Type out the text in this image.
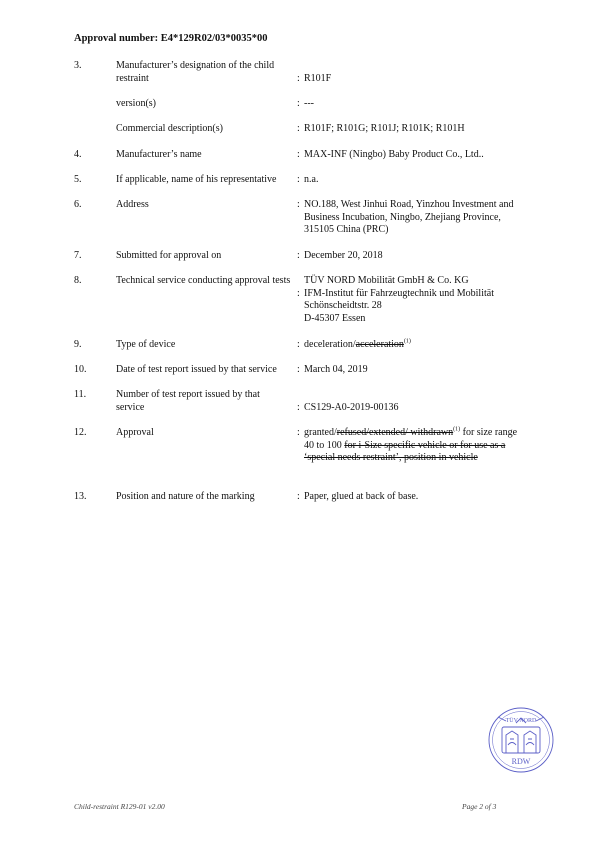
Approval number: E4*129R02/03*0035*00
3.	Manufacturer’s designation of the child restraint	: R101F
version(s)	: ---
Commercial description(s)	: R101F; R101G; R101J; R101K; R101H
4.	Manufacturer’s name	: MAX-INF (Ningbo) Baby Product Co., Ltd..
5.	If applicable, name of his representative	: n.a.
6.	Address	: NO.188, West Jinhui Road, Yinzhou Investment and Business Incubation, Ningbo, Zhejiang Province, 315105 China (PRC)
7.	Submitted for approval on	: December 20, 2018
8.	Technical service conducting approval tests
:
TÜV NORD Mobilität GmbH & Co. KG
IFM-Institut für Fahrzeugtechnik und Mobilität
Schönscheidtstr. 28
D-45307 Essen
9.	Type of device	: deceleration/acceleration$^{(1)}$
10.	Date of test report issued by that service	: March 04, 2019
11.	Number of test report issued by that service	: CS129-A0-2019-00136
12.	Approval	: granted/refused/extended/ withdrawn$^{(1)}$ for size range 40 to 100 for i-Size specific vehicle or for use as a ‘special needs restraint’, position in vehicle
13.	Position and nature of the marking	: Paper, glued at back of base.
TÜV NORD
RDW
Child-restraint R129-01 v2.00	Page 2 of 3
